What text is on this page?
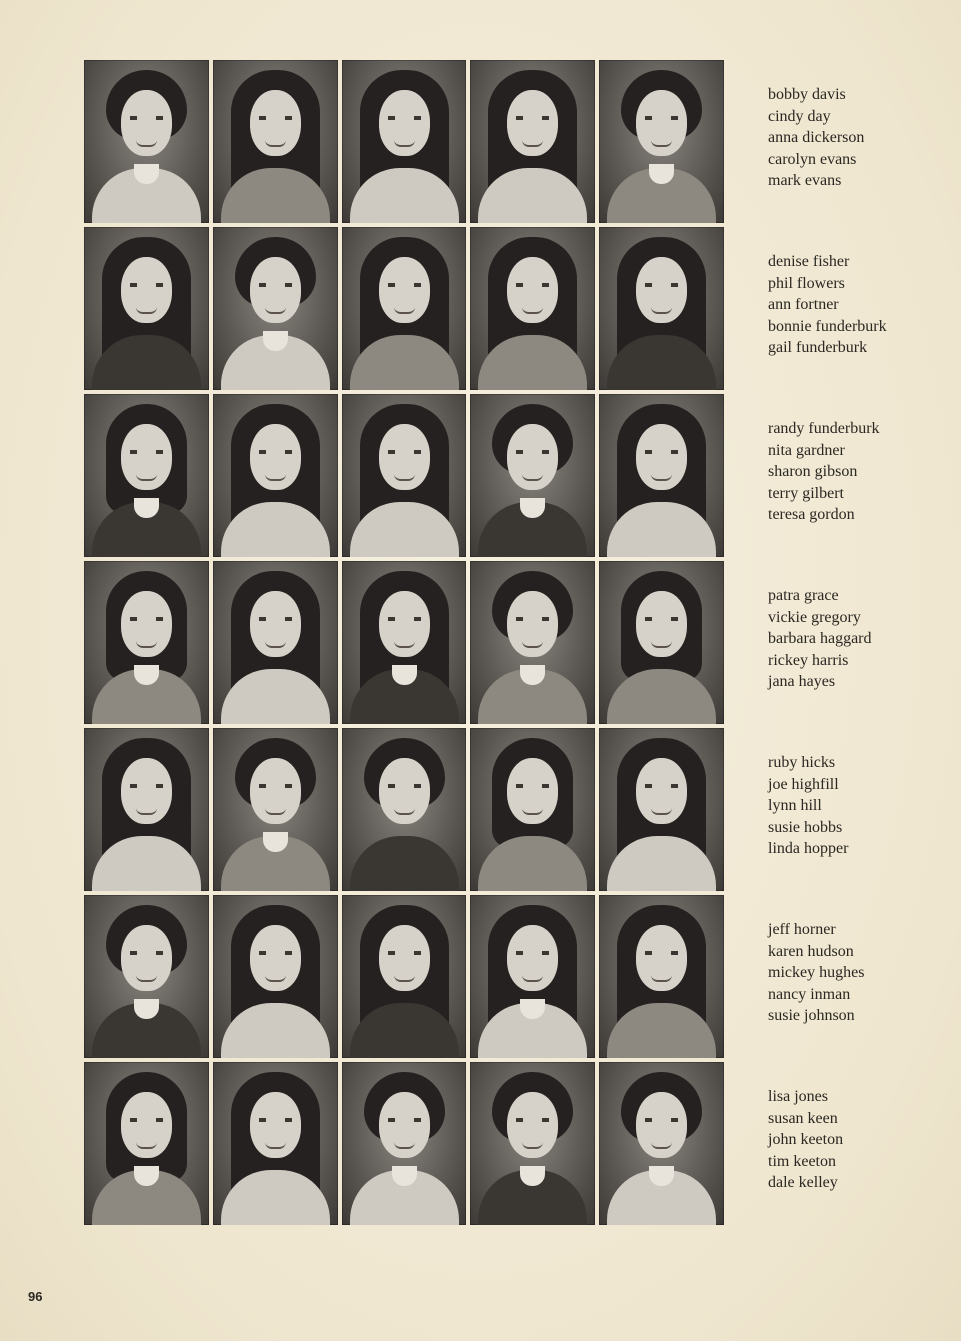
bobby davis
cindy day
anna dickerson
carolyn evans
mark evans
denise fisher
phil flowers
ann fortner
bonnie funderburk
gail funderburk
randy funderburk
nita gardner
sharon gibson
terry gilbert
teresa gordon
patra grace
vickie gregory
barbara haggard
rickey harris
jana hayes
ruby hicks
joe highfill
lynn hill
susie hobbs
linda hopper
jeff horner
karen hudson
mickey hughes
nancy inman
susie johnson
lisa jones
susan keen
john keeton
tim keeton
dale kelley
96
